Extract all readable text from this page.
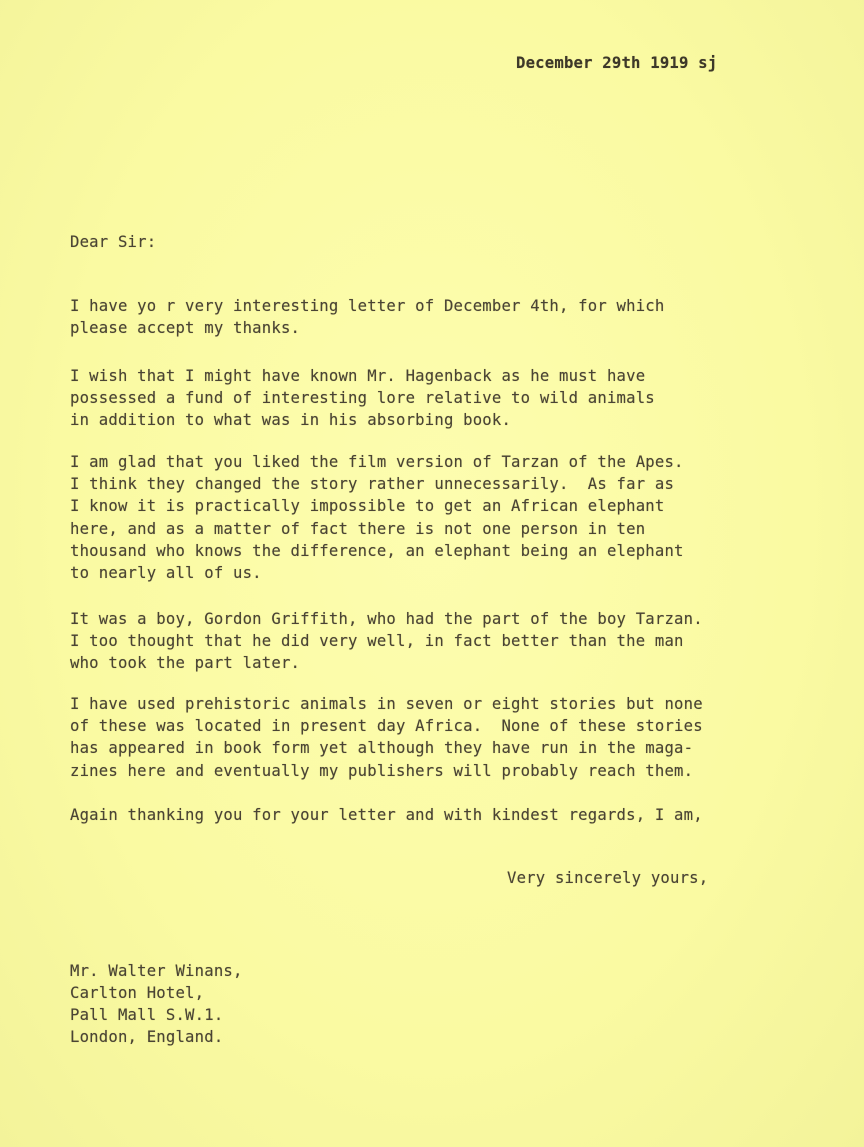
December 29th 1919 sj
Dear Sir:
I have yo r very interesting letter of December 4th, for which
please accept my thanks.
I wish that I might have known Mr. Hagenback as he must have
possessed a fund of interesting lore relative to wild animals
in addition to what was in his absorbing book.
I am glad that you liked the film version of Tarzan of the Apes.
I think they changed the story rather unnecessarily.  As far as
I know it is practically impossible to get an African elephant
here, and as a matter of fact there is not one person in ten
thousand who knows the difference, an elephant being an elephant
to nearly all of us.
It was a boy, Gordon Griffith, who had the part of the boy Tarzan.
I too thought that he did very well, in fact better than the man
who took the part later.
I have used prehistoric animals in seven or eight stories but none
of these was located in present day Africa.  None of these stories
has appeared in book form yet although they have run in the maga-
zines here and eventually my publishers will probably reach them.
Again thanking you for your letter and with kindest regards, I am,
Very sincerely yours,
Mr. Walter Winans,
Carlton Hotel,
Pall Mall S.W.1.
London, England.
